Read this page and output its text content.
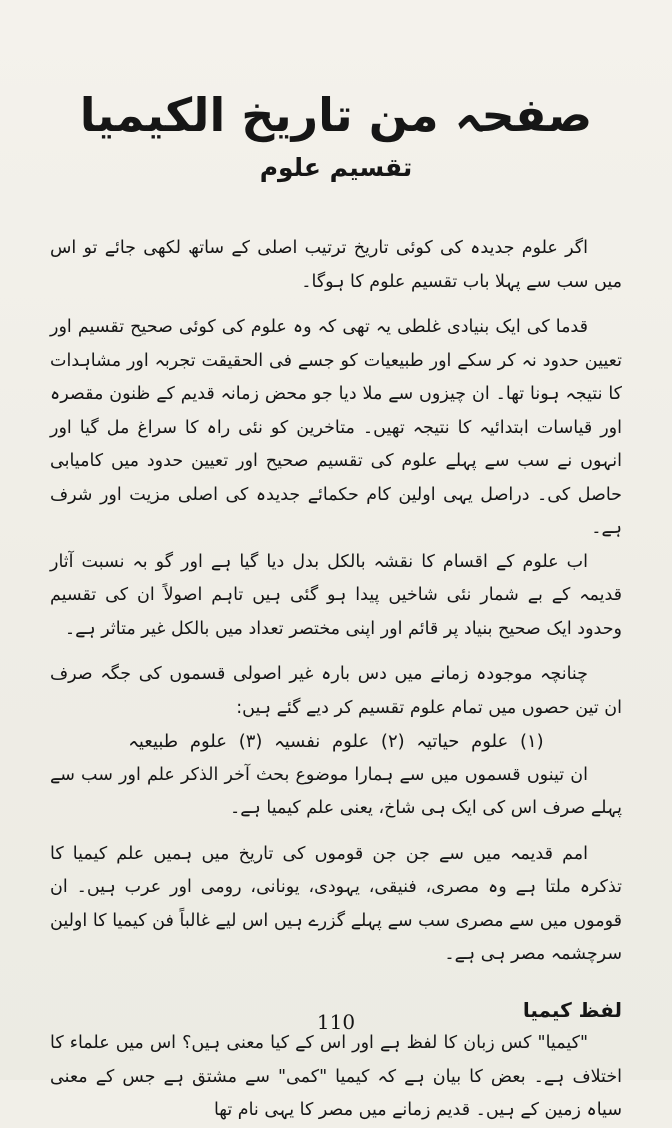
صفحہ من تاریخ الکیمیا
تقسیم علوم

اگر علوم جدیدہ کی کوئی تاریخ ترتیب اصلی کے ساتھ لکھی جائے تو اس میں سب سے پہلا باب تقسیم علوم کا ہوگا۔

قدما کی ایک بنیادی غلطی یہ تھی کہ وہ علوم کی کوئی صحیح تقسیم اور تعیین حدود نہ کر سکے اور طبیعیات کو جسے فی الحقیقت تجربہ اور مشاہدات کا نتیجہ ہونا تھا۔ ان چیزوں سے ملا دیا جو محض زمانہ قدیم کے ظنون مقصرہ اور قیاسات ابتدائیہ کا نتیجہ تھیں۔ متاخرین کو نئی راہ کا سراغ مل گیا اور انہوں نے سب سے پہلے علوم کی تقسیم صحیح اور تعیین حدود میں کامیابی حاصل کی۔ دراصل یہی اولین کام حکمائے جدیدہ کی اصلی مزیت اور شرف ہے۔

اب علوم کے اقسام کا نقشہ بالکل بدل دیا گیا ہے اور گو بہ نسبت آثار قدیمہ کے بے شمار نئی شاخیں پیدا ہو گئی ہیں تاہم اصولاً ان کی تقسیم وحدود ایک صحیح بنیاد پر قائم اور اپنی مختصر تعداد میں بالکل غیر متاثر ہے۔

چنانچہ موجودہ زمانے میں دس بارہ غیر اصولی قسموں کی جگہ صرف ان تین حصوں میں تمام علوم تقسیم کر دیے گئے ہیں:

(۱) علوم حیاتیہ (۲) علوم نفسیہ (۳) علوم طبیعیہ

ان تینوں قسموں میں سے ہمارا موضوع بحث آخر الذکر علم اور سب سے پہلے صرف اس کی ایک ہی شاخ، یعنی علم کیمیا ہے۔

امم قدیمہ میں سے جن جن قوموں کی تاریخ میں ہمیں علم کیمیا کا تذکرہ ملتا ہے وہ مصری، فنیقی، یہودی، یونانی، رومی اور عرب ہیں۔ ان قوموں میں سے مصری سب سے پہلے گزرے ہیں اس لیے غالباً فن کیمیا کا اولین سرچشمہ مصر ہی ہے۔

لفظ کیمیا

"کیمیا" کس زبان کا لفظ ہے اور اس کے کیا معنی ہیں؟ اس میں علماء کا اختلاف ہے۔ بعض کا بیان ہے کہ کیمیا "کمی" سے مشتق ہے جس کے معنی سیاہ زمین کے ہیں۔ قدیم زمانے میں مصر کا یہی نام تھا

110
